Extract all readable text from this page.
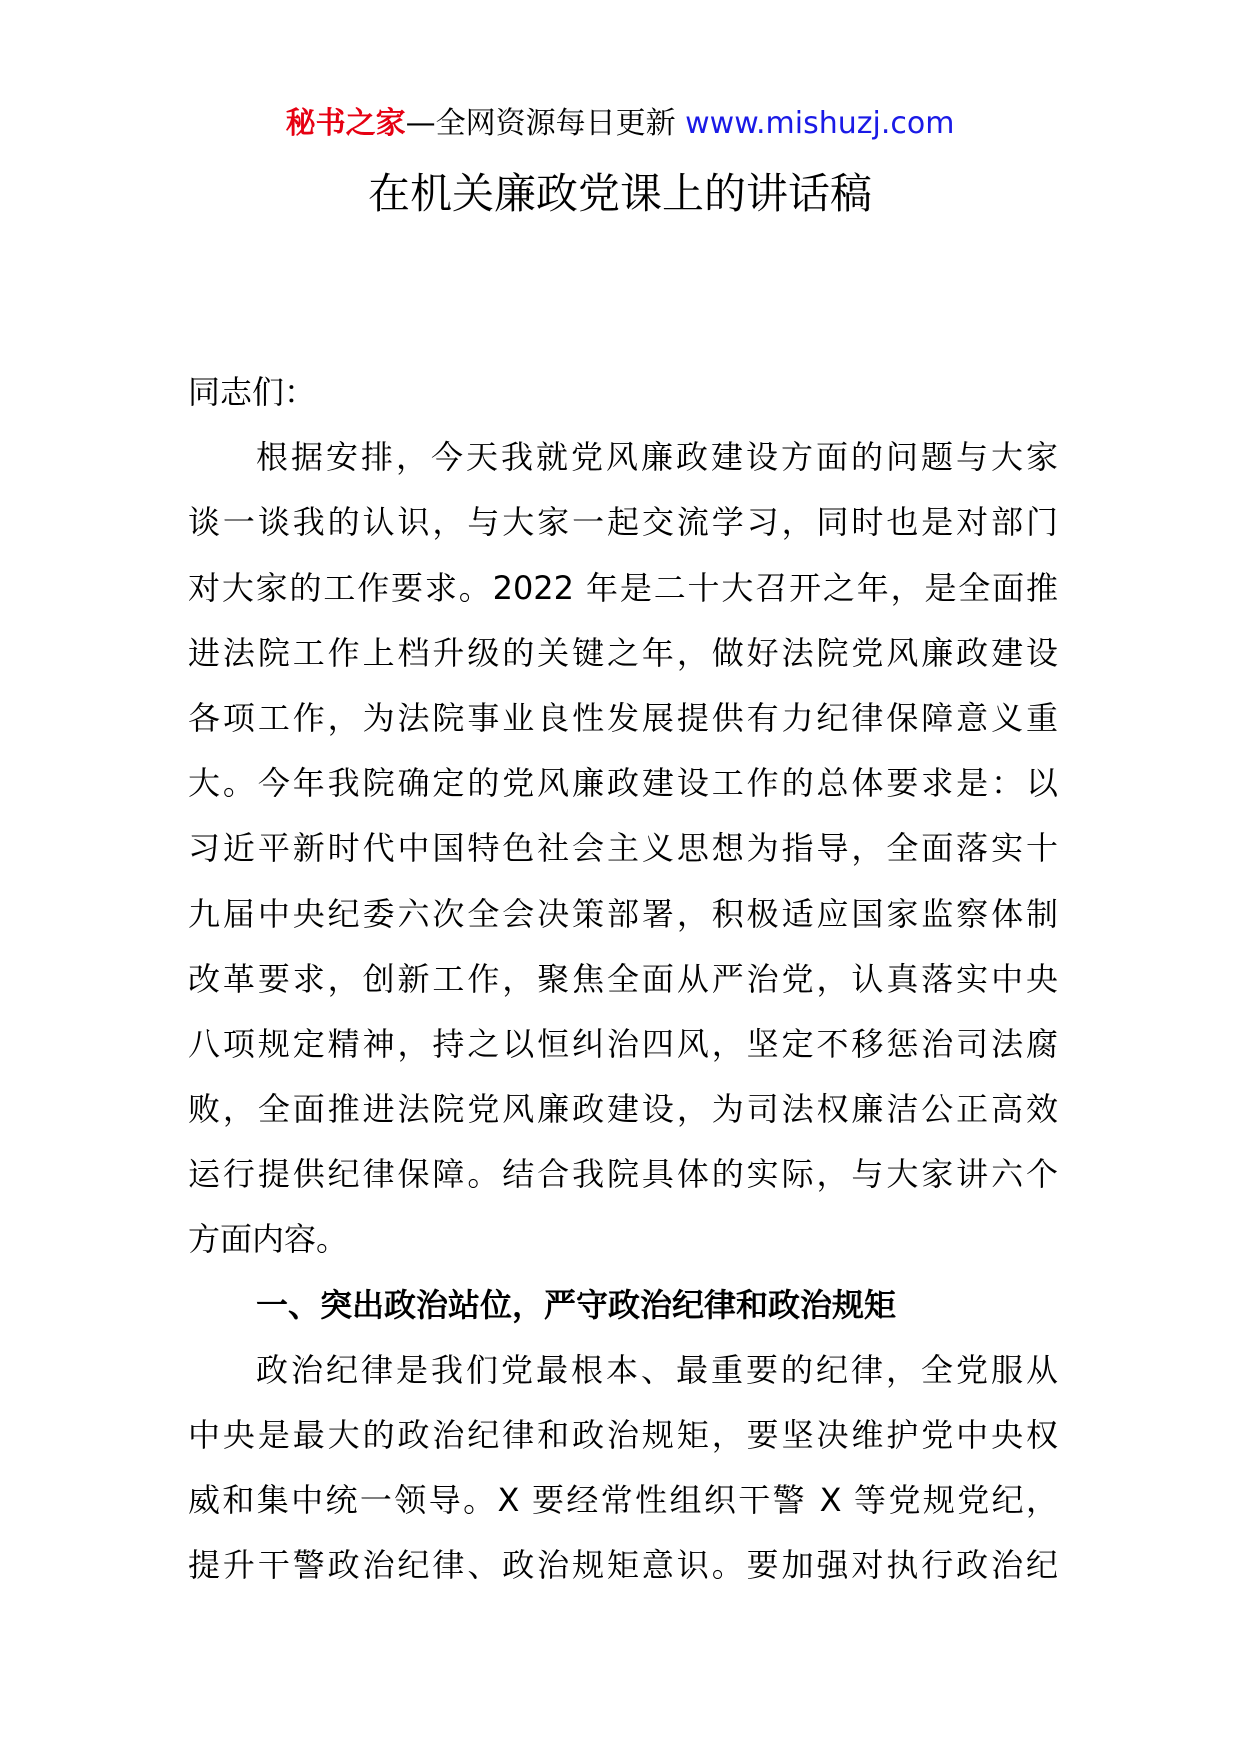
秘书之家—全网资源每日更新 www.mishuzj.com
在机关廉政党课上的讲话稿
同志们：
根据安排，今天我就党风廉政建设方面的问题与大家
谈一谈我的认识，与大家一起交流学习，同时也是对部门
对大家的工作要求。2022 年是二十大召开之年，是全面推
进法院工作上档升级的关键之年，做好法院党风廉政建设
各项工作，为法院事业良性发展提供有力纪律保障意义重
大。今年我院确定的党风廉政建设工作的总体要求是：以
习近平新时代中国特色社会主义思想为指导，全面落实十
九届中央纪委六次全会决策部署，积极适应国家监察体制
改革要求，创新工作，聚焦全面从严治党，认真落实中央
八项规定精神，持之以恒纠治四风，坚定不移惩治司法腐
败，全面推进法院党风廉政建设，为司法权廉洁公正高效
运行提供纪律保障。结合我院具体的实际，与大家讲六个
方面内容。
一、突出政治站位，严守政治纪律和政治规矩
政治纪律是我们党最根本、最重要的纪律，全党服从
中央是最大的政治纪律和政治规矩，要坚决维护党中央权
威和集中统一领导。X 要经常性组织干警 X 等党规党纪，
提升干警政治纪律、政治规矩意识。要加强对执行政治纪
